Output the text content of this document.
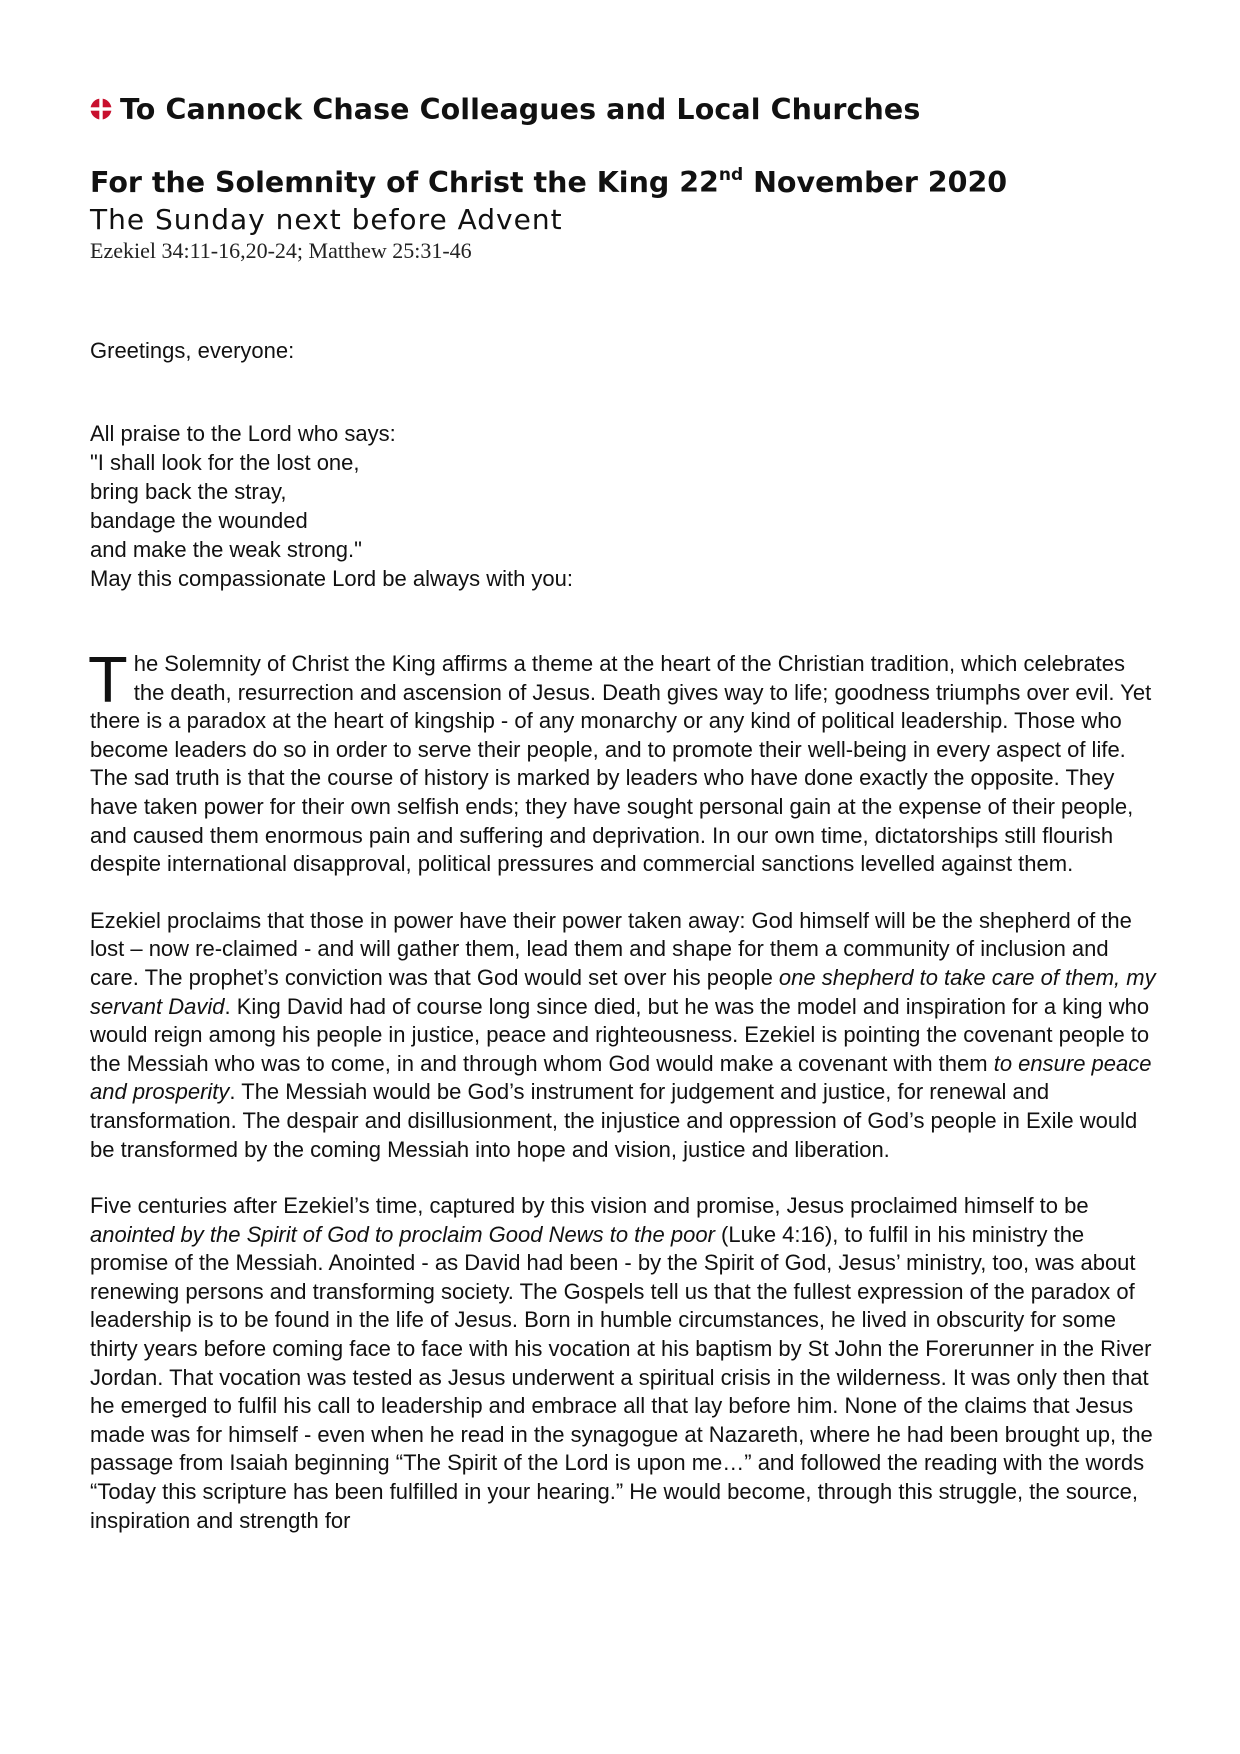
To Cannock Chase Colleagues and Local Churches
For the Solemnity of Christ the King 22nd November 2020
The Sunday next before Advent
Ezekiel 34:11-16,20-24; Matthew 25:31-46
Greetings, everyone:
All praise to the Lord who says:
"I shall look for the lost one,
bring back the stray,
bandage the wounded
and make the weak strong."
May this compassionate Lord be always with you:
The Solemnity of Christ the King affirms a theme at the heart of the Christian tradition, which celebrates the death, resurrection and ascension of Jesus. Death gives way to life; goodness triumphs over evil. Yet there is a paradox at the heart of kingship - of any monarchy or any kind of political leadership. Those who become leaders do so in order to serve their people, and to promote their well-being in every aspect of life. The sad truth is that the course of history is marked by leaders who have done exactly the opposite. They have taken power for their own selfish ends; they have sought personal gain at the expense of their people, and caused them enormous pain and suffering and deprivation. In our own time, dictatorships still flourish despite international disapproval, political pressures and commercial sanctions levelled against them.
Ezekiel proclaims that those in power have their power taken away: God himself will be the shepherd of the lost – now re-claimed - and will gather them, lead them and shape for them a community of inclusion and care. The prophet’s conviction was that God would set over his people one shepherd to take care of them, my servant David. King David had of course long since died, but he was the model and inspiration for a king who would reign among his people in justice, peace and righteousness. Ezekiel is pointing the covenant people to the Messiah who was to come, in and through whom God would make a covenant with them to ensure peace and prosperity. The Messiah would be God’s instrument for judgement and justice, for renewal and transformation. The despair and disillusionment, the injustice and oppression of God’s people in Exile would be transformed by the coming Messiah into hope and vision, justice and liberation.
Five centuries after Ezekiel’s time, captured by this vision and promise, Jesus proclaimed himself to be anointed by the Spirit of God to proclaim Good News to the poor (Luke 4:16), to fulfil in his ministry the promise of the Messiah. Anointed - as David had been - by the Spirit of God, Jesus’ ministry, too, was about renewing persons and transforming society. The Gospels tell us that the fullest expression of the paradox of leadership is to be found in the life of Jesus. Born in humble circumstances, he lived in obscurity for some thirty years before coming face to face with his vocation at his baptism by St John the Forerunner in the River Jordan. That vocation was tested as Jesus underwent a spiritual crisis in the wilderness. It was only then that he emerged to fulfil his call to leadership and embrace all that lay before him. None of the claims that Jesus made was for himself - even when he read in the synagogue at Nazareth, where he had been brought up, the passage from Isaiah beginning “The Spirit of the Lord is upon me…” and followed the reading with the words “Today this scripture has been fulfilled in your hearing.” He would become, through this struggle, the source, inspiration and strength for
